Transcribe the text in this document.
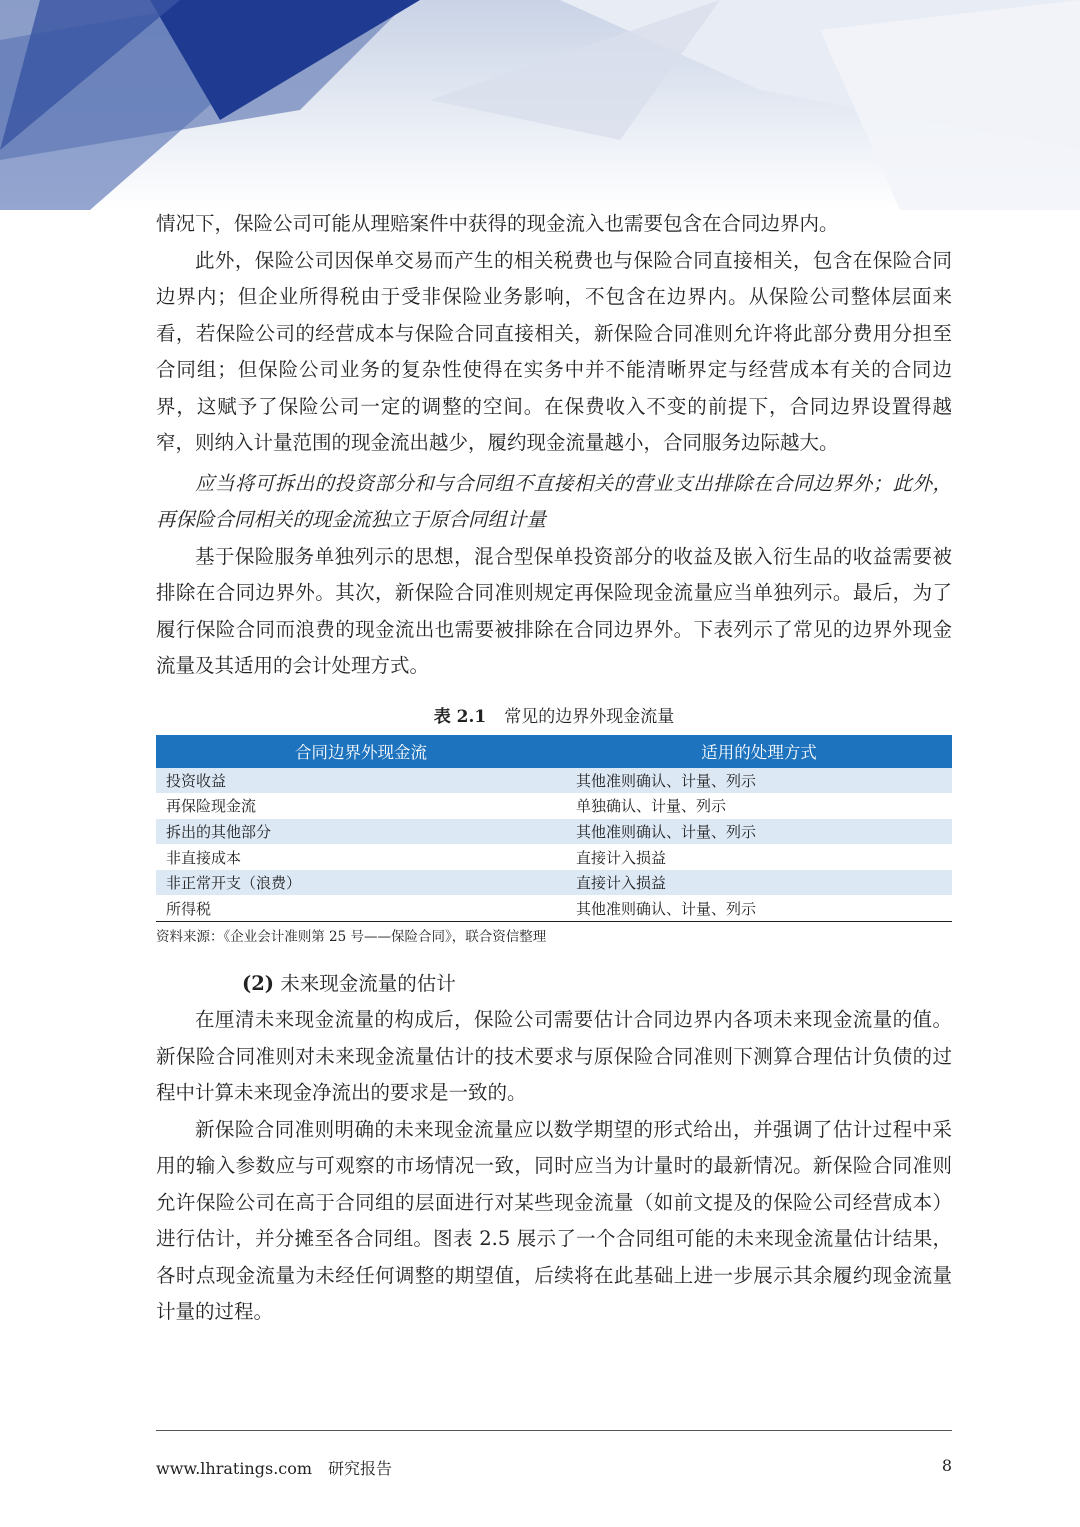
情况下，保险公司可能从理赔案件中获得的现金流入也需要包含在合同边界内。

此外，保险公司因保单交易而产生的相关税费也与保险合同直接相关，包含在保险合同边界内；但企业所得税由于受非保险业务影响，不包含在边界内。从保险公司整体层面来看，若保险公司的经营成本与保险合同直接相关，新保险合同准则允许将此部分费用分担至合同组；但保险公司业务的复杂性使得在实务中并不能清晰界定与经营成本有关的合同边界，这赋予了保险公司一定的调整的空间。在保费收入不变的前提下，合同边界设置得越窄，则纳入计量范围的现金流出越少，履约现金流量越小，合同服务边际越大。

应当将可拆出的投资部分和与合同组不直接相关的营业支出排除在合同边界外；此外，再保险合同相关的现金流独立于原合同组计量

基于保险服务单独列示的思想，混合型保单投资部分的收益及嵌入衍生品的收益需要被排除在合同边界外。其次，新保险合同准则规定再保险现金流量应当单独列示。最后，为了履行保险合同而浪费的现金流出也需要被排除在合同边界外。下表列示了常见的边界外现金流量及其适用的会计处理方式。

表 2.1 常见的边界外现金流量
合同边界外现金流	适用的处理方式
投资收益	其他准则确认、计量、列示
再保险现金流	单独确认、计量、列示
拆出的其他部分	其他准则确认、计量、列示
非直接成本	直接计入损益
非正常开支（浪费）	直接计入损益
所得税	其他准则确认、计量、列示
资料来源：《企业会计准则第 25 号——保险合同》，联合资信整理
(2) 未来现金流量的估计

在厘清未来现金流量的构成后，保险公司需要估计合同边界内各项未来现金流量的值。新保险合同准则对未来现金流量估计的技术要求与原保险合同准则下测算合理估计负债的过程中计算未来现金净流出的要求是一致的。

新保险合同准则明确的未来现金流量应以数学期望的形式给出，并强调了估计过程中采用的输入参数应与可观察的市场情况一致，同时应当为计量时的最新情况。新保险合同准则允许保险公司在高于合同组的层面进行对某些现金流量（如前文提及的保险公司经营成本）进行估计，并分摊至各合同组。图表 2.5 展示了一个合同组可能的未来现金流量估计结果，各时点现金流量为未经任何调整的期望值，后续将在此基础上进一步展示其余履约现金流量计量的过程。

www.lhratings.com 研究报告	8
